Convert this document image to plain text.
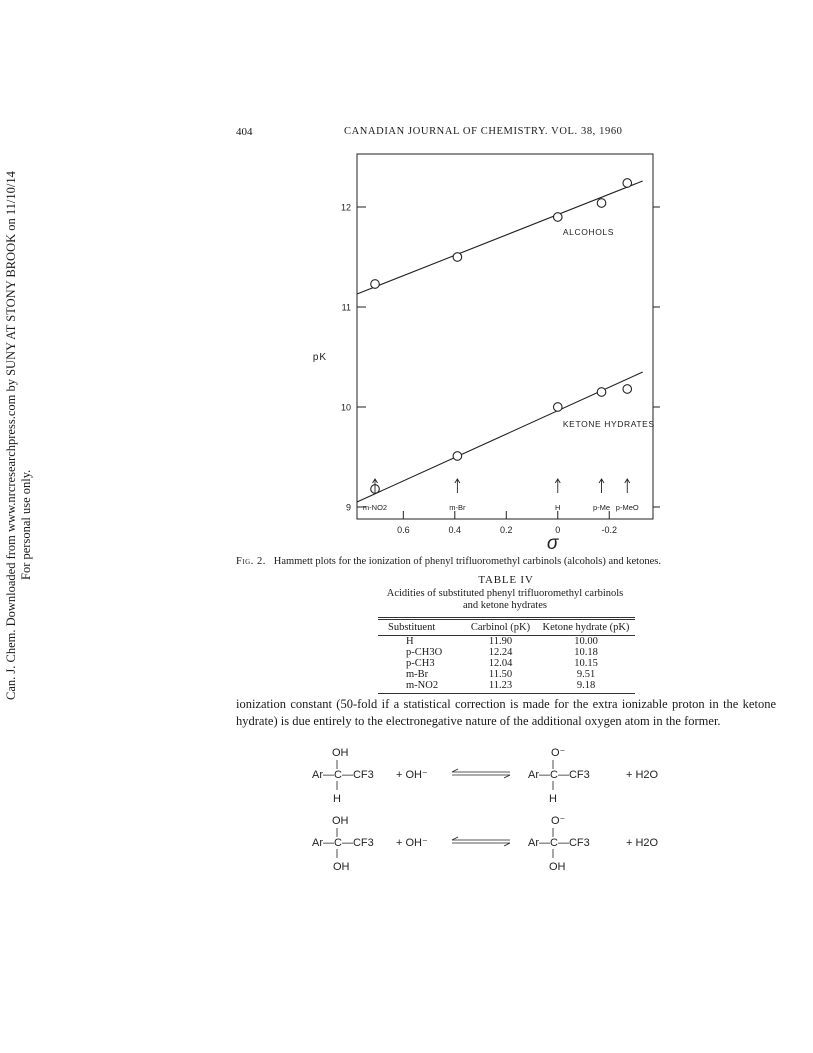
Can. J. Chem. Downloaded from www.nrcresearchpress.com by SUNY AT STONY BROOK on 11/10/14 For personal use only.
404	CANADIAN JOURNAL OF CHEMISTRY. VOL. 38, 1960
9
10
11
12
0.6	0.4	0.2	0	-0.2
pK
σ
ALCOHOLS
KETONE HYDRATES
m-NO2	m-Br	H	p-Me p-MeO
Fig. 2. Hammett plots for the ionization of phenyl trifluoromethyl carbinols (alcohols) and ketones.
TABLE IV
Acidities of substituted phenyl trifluoromethyl carbinols and ketone hydrates
Substituent	Carbinol (pK)	Ketone hydrate (pK)
H	11.90	10.00
p-CH3O	12.24	10.18
p-CH3	12.04	10.15
m-Br	11.50	9.51
m-NO2	11.23	9.18
ionization constant (50-fold if a statistical correction is made for the extra ionizable proton in the ketone hydrate) is due entirely to the electronegative nature of the additional oxygen atom in the former.
Ar—C—CF3
OH
H
+ OH⁻	Ar—C—CF3
O⁻
H
+ H2O
Ar—C—CF3
OH
OH
+ OH⁻	Ar—C—CF3
O⁻
OH
+ H2O
